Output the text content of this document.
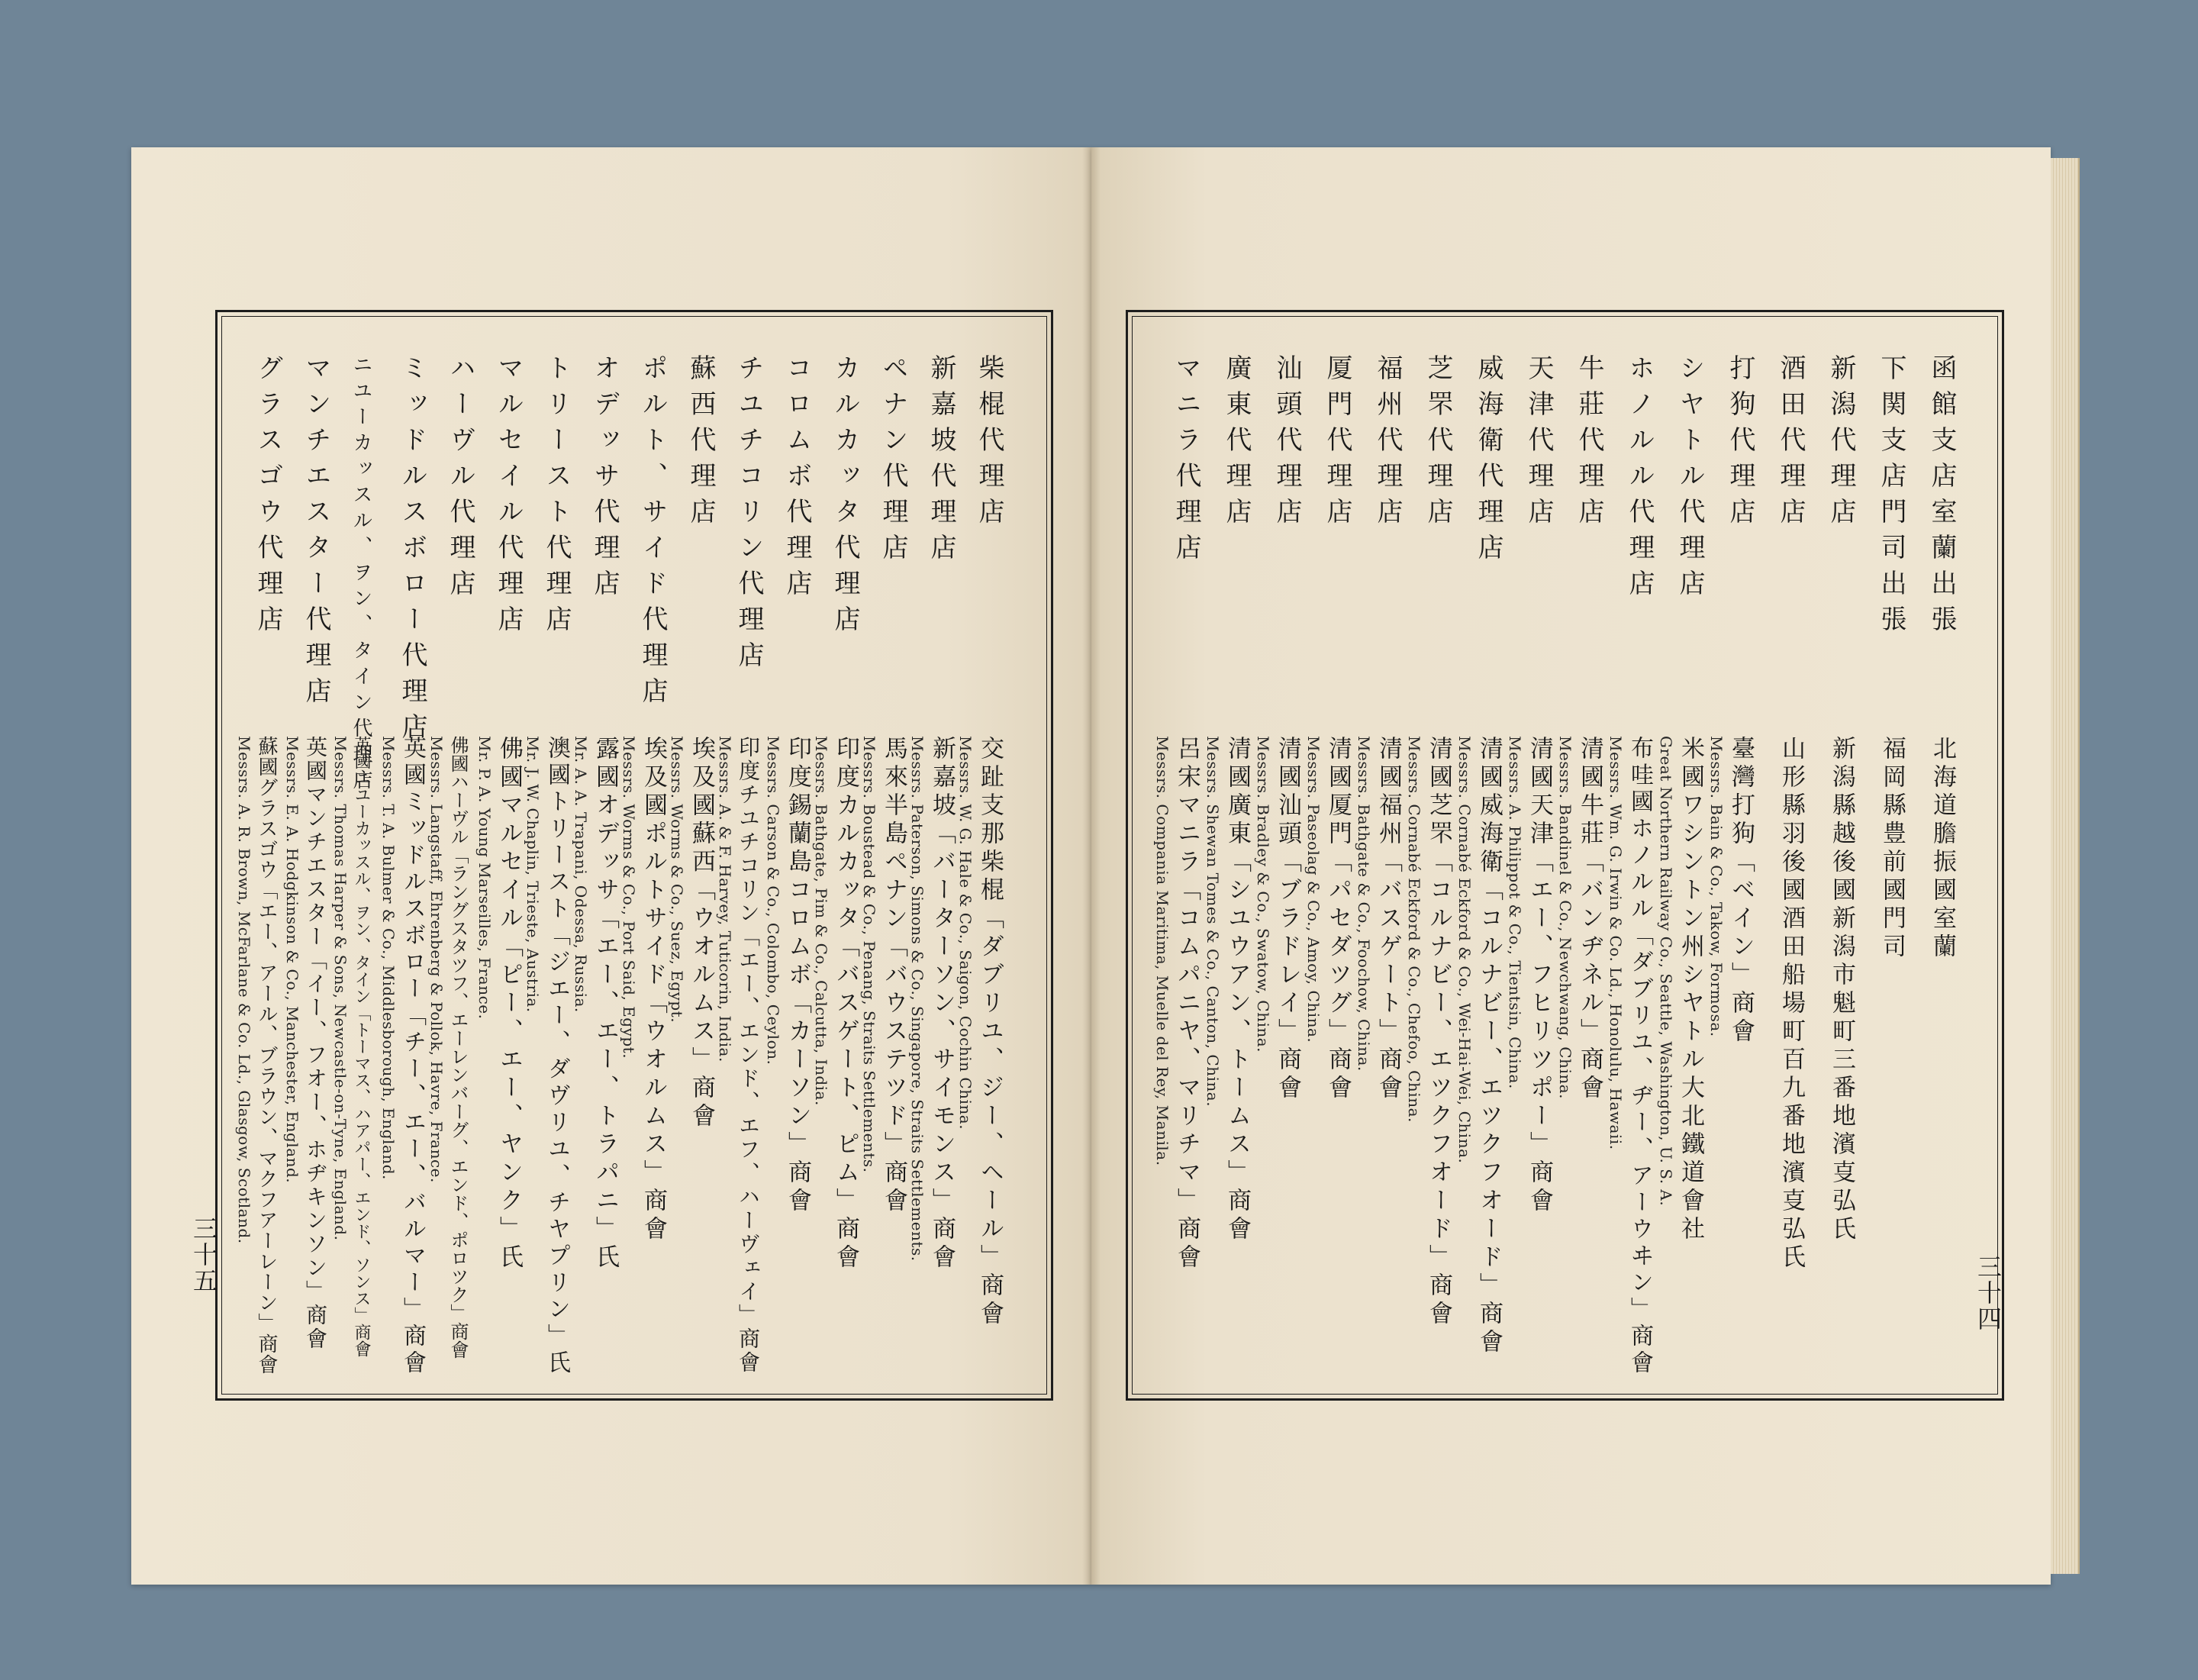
柴棍代理店
交趾支那柴棍「ダブリユ、ジー、ヘール」商會
Messrs. W. G. Hale & Co., Saigon, Cochin China.
新嘉坡代理店
新嘉坡「バーターソン、サイモンス」商會
Messrs. Paterson, Simons & Co., Singapore, Straits Settlements.
ペナン代理店
馬來半島ペナン「バウステツド」商會
Messrs. Boustead & Co., Penang, Straits Settlements.
カルカッタ代理店
印度カルカッタ「バスゲート、ピム」商會
Messrs. Bathgate, Pim & Co., Calcutta, India.
コロムボ代理店
印度錫蘭島コロムボ「カーソン」商會
Messrs. Carson & Co., Colombo, Ceylon.
チユチコリン代理店
印度チユチコリン「エー、エンド、エフ、ハーヴェイ」商會
Messrs. A. & F. Harvey, Tuticorin, India.
蘇西代理店
埃及國蘇西「ウオルムス」商會
Messrs. Worms & Co., Suez, Egypt.
ポルト、サイド代理店
埃及國ポルトサイド「ウオルムス」商會
Messrs. Worms & Co., Port Said, Egypt.
オデッサ代理店
露國オデッサ「エー、エー、トラパニ」氏
Mr. A. A. Trapani, Odessa, Russia.
トリースト代理店
澳國トリースト「ジエー、ダヴリユ、チヤプリン」氏
Mr. J. W. Chaplin, Trieste, Austria.
マルセイル代理店
佛國マルセイル「ピー、エー、ヤンク」氏
Mr. P. A. Young Marseilles, France.
ハーヴル代理店
佛國ハーヴル「ラングスタツフ、エーレンバーグ、エンド、ポロツク」商會
Messrs. Langstaff, Ehrenberg & Pollok, Havre, France.
ミッドルスボロー代理店
英國ミッドルスボロー「チー、エー、バルマー」商會
Messrs. T. A. Bulmer & Co., Middlesborough, England.
ニユーカッスル、ヲン、タイン代理店
英國ニユーカッスル、ヲン、タイン「トーマス、ハアパー、エンド、ソンス」商會
Messrs. Thomas Harper & Sons, Newcastle-on-Tyne, England.
マンチエスター代理店
英國マンチエスター「イー、フオー、ホヂキンソン」商會
Messrs. E. A. Hodgkinson & Co., Manchester, England.
グラスゴウ代理店
蘇國グラスゴウ「エー、アール、ブラウン、マクフアーレーン」商會
Messrs. A. R. Brown, McFarlane & Co. Ld., Glasgow, Scotland.
三十五
函館支店室蘭出張
北海道膽振國室蘭
下関支店門司出張
福岡縣豊前國門司
新潟代理店
新潟縣越後國新潟市魁町三番地濱㕝弘氏
酒田代理店
山形縣羽後國酒田船場町百九番地濱㕝弘氏
打狗代理店
臺灣打狗「ベイン」商會
Messrs. Bain & Co., Takow, Formosa.
シヤトル代理店
米國ワシントン州シヤトル大北鐵道會社
Great Northern Railway Co., Seattle, Washington, U. S. A.
ホノルル代理店
布哇國ホノルル「ダブリユ、ヂー、アーウヰン」商會
Messrs. Wm. G. Irwin & Co. Ld., Honolulu, Hawaii.
牛莊代理店
清國牛莊「バンヂネル」商會
Messrs. Bandinel & Co., Newchwang, China.
天津代理店
清國天津「エー、フヒリツポー」商會
Messrs. A. Philippot & Co., Tientsin, China.
威海衛代理店
清國威海衛「コルナビー、エツクフオード」商會
Messrs. Cornabé Eckford & Co., Wei-Hai-Wei, China.
芝罘代理店
清國芝罘「コルナビー、エツクフオード」商會
Messrs. Cornabé Eckford & Co., Chefoo, China.
福州代理店
清國福州「バスゲート」商會
Messrs. Bathgate & Co., Foochow, China.
厦門代理店
清國厦門「パセダツグ」商會
Messrs. Paseolag & Co., Amoy, China.
汕頭代理店
清國汕頭「ブラドレイ」商會
Messrs. Bradley & Co., Swatow, China.
廣東代理店
清國廣東「シユウアン、トームス」商會
Messrs. Shewan Tomes & Co., Canton, China.
マニラ代理店
呂宋マニラ「コムパニヤ、マリチマ」商會
Messrs. Compania Maritima, Muelle del Rey, Manila.
三十四
